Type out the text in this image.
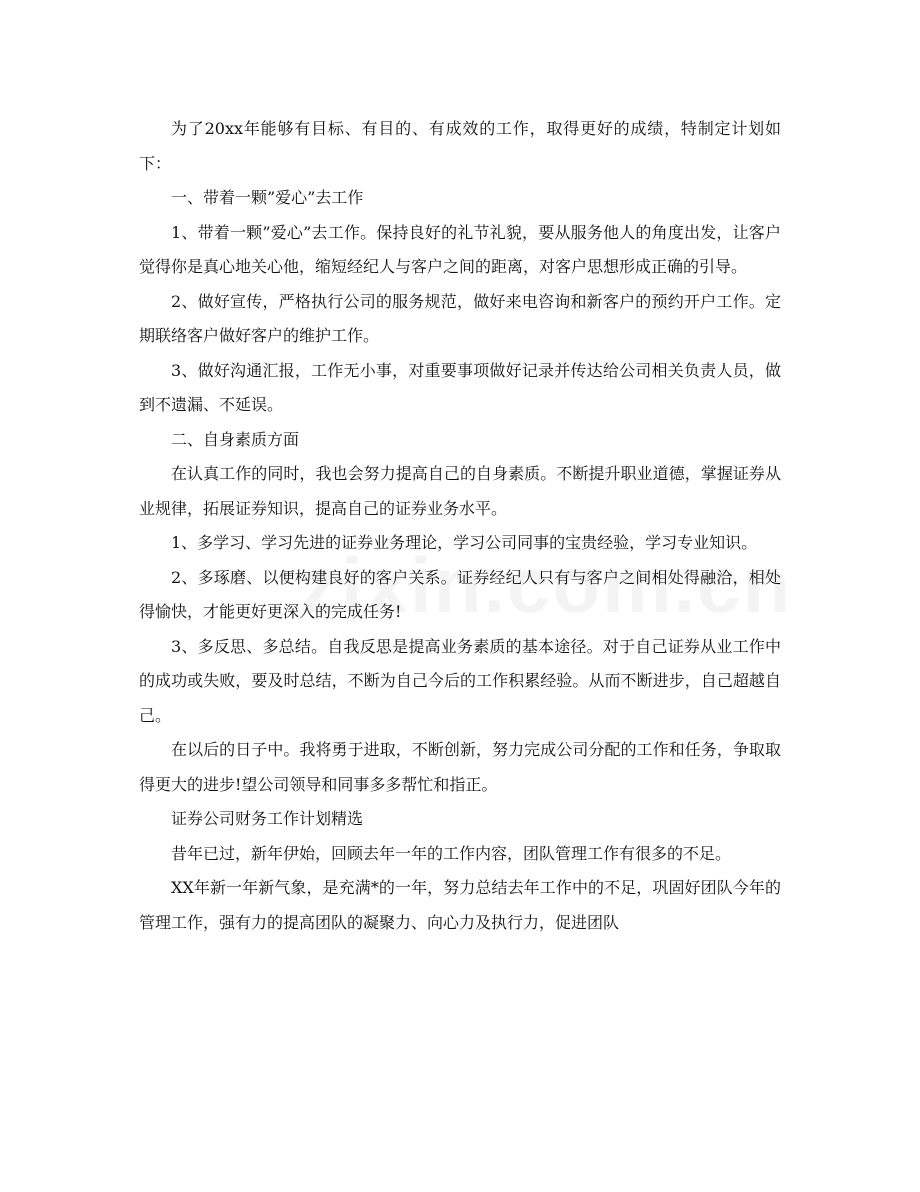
为了20xx年能够有目标、有目的、有成效的工作，取得更好的成绩，特制定计划如下：

一、带着一颗”爱心”去工作

1、带着一颗”爱心”去工作。保持良好的礼节礼貌，要从服务他人的角度出发，让客户觉得你是真心地关心他，缩短经纪人与客户之间的距离，对客户思想形成正确的引导。

2、做好宣传，严格执行公司的服务规范，做好来电咨询和新客户的预约开户工作。定期联络客户做好客户的维护工作。

3、做好沟通汇报，工作无小事，对重要事项做好记录并传达给公司相关负责人员，做到不遗漏、不延误。

二、自身素质方面

在认真工作的同时，我也会努力提高自己的自身素质。不断提升职业道德，掌握证券从业规律，拓展证券知识，提高自己的证券业务水平。

1、多学习、学习先进的证券业务理论，学习公司同事的宝贵经验，学习专业知识。

2、多琢磨、以便构建良好的客户关系。证券经纪人只有与客户之间相处得融洽，相处得愉快，才能更好更深入的完成任务!

3、多反思、多总结。自我反思是提高业务素质的基本途径。对于自己证券从业工作中的成功或失败，要及时总结，不断为自己今后的工作积累经验。从而不断进步，自己超越自己。

在以后的日子中。我将勇于进取，不断创新，努力完成公司分配的工作和任务，争取取得更大的进步!望公司领导和同事多多帮忙和指正。

证券公司财务工作计划精选

昔年已过，新年伊始，回顾去年一年的工作内容，团队管理工作有很多的不足。

XX年新一年新气象，是充满*的一年，努力总结去年工作中的不足，巩固好团队今年的管理工作，强有力的提高团队的凝聚力、向心力及执行力，促进团队
